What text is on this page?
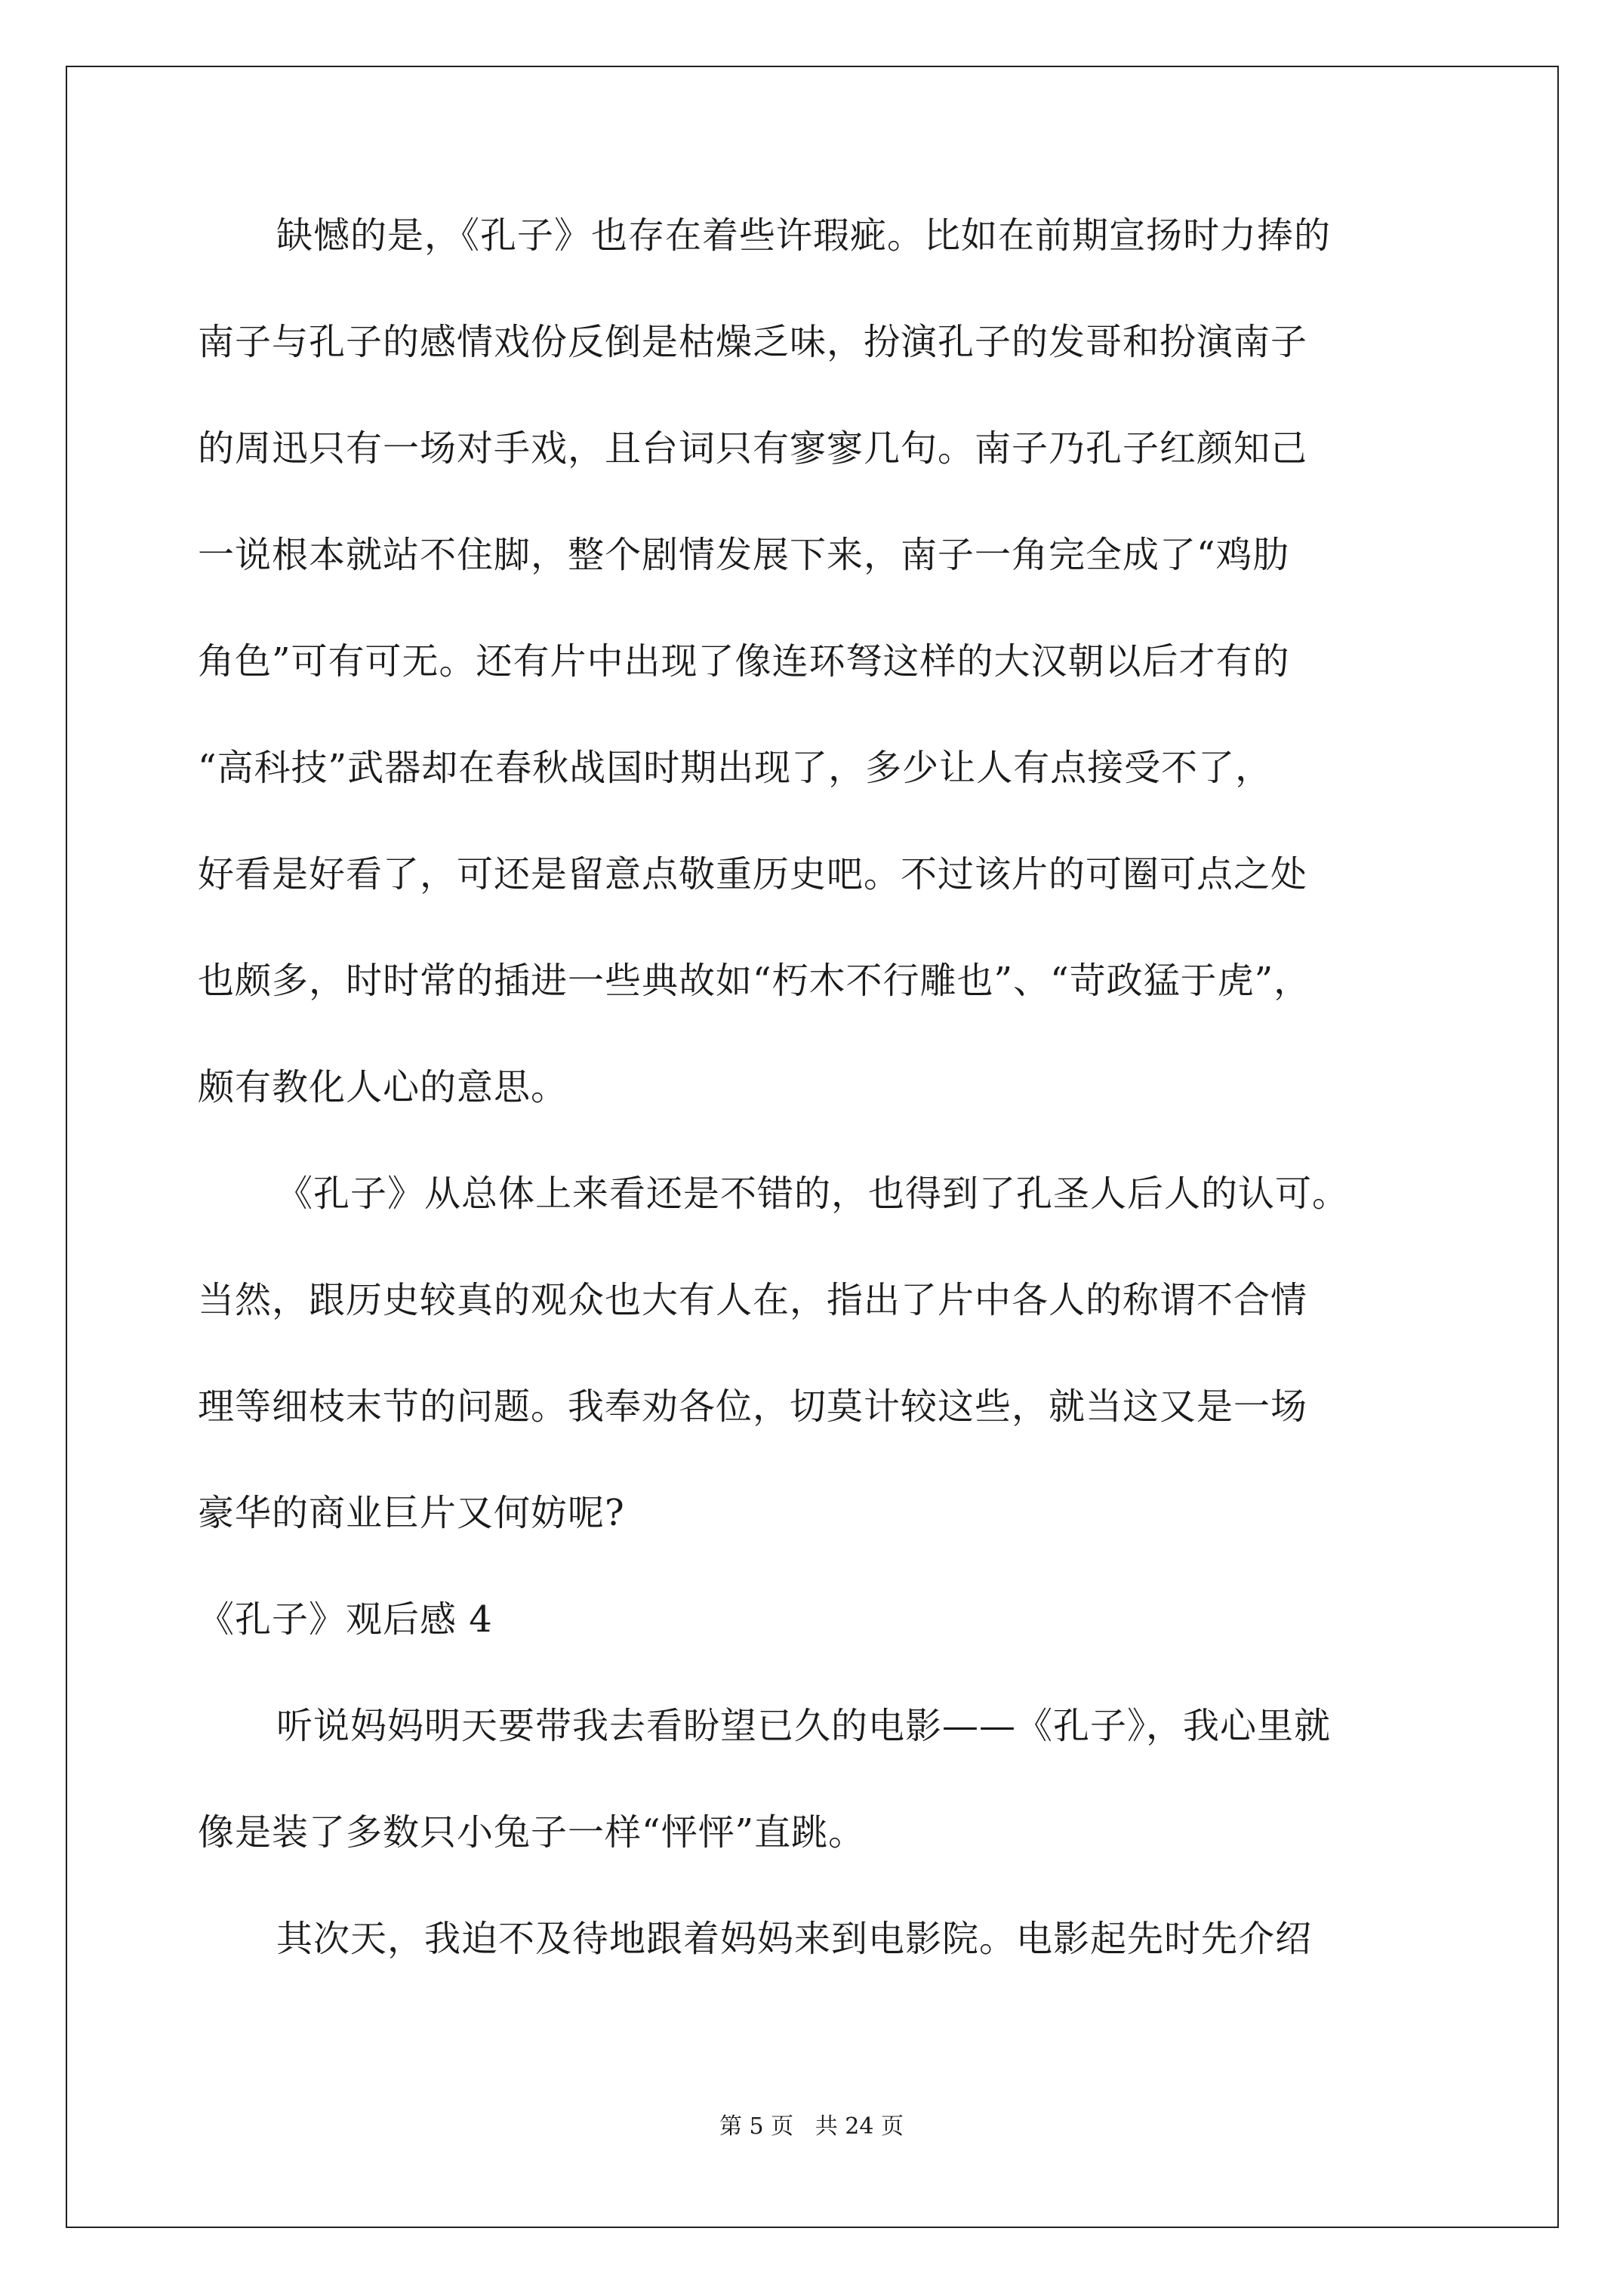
缺憾的是，《孔子》也存在着些许瑕疵。比如在前期宣扬时力捧的
南子与孔子的感情戏份反倒是枯燥乏味，扮演孔子的发哥和扮演南子
的周迅只有一场对手戏，且台词只有寥寥几句。南子乃孔子红颜知己
一说根本就站不住脚，整个剧情发展下来，南子一角完全成了“鸡肋
角色”可有可无。还有片中出现了像连环弩这样的大汉朝以后才有的
“高科技”武器却在春秋战国时期出现了，多少让人有点接受不了，
好看是好看了，可还是留意点敬重历史吧。不过该片的可圈可点之处
也颇多，时时常的插进一些典故如“朽木不行雕也”、“苛政猛于虎”，
颇有教化人心的意思。
《孔子》从总体上来看还是不错的，也得到了孔圣人后人的认可。
当然，跟历史较真的观众也大有人在，指出了片中各人的称谓不合情
理等细枝末节的问题。我奉劝各位，切莫计较这些，就当这又是一场
豪华的商业巨片又何妨呢?
《孔子》观后感 4
听说妈妈明天要带我去看盼望已久的电影——《孔子》，我心里就
像是装了多数只小兔子一样“怦怦”直跳。
其次天，我迫不及待地跟着妈妈来到电影院。电影起先时先介绍
第 5 页 共 24 页
